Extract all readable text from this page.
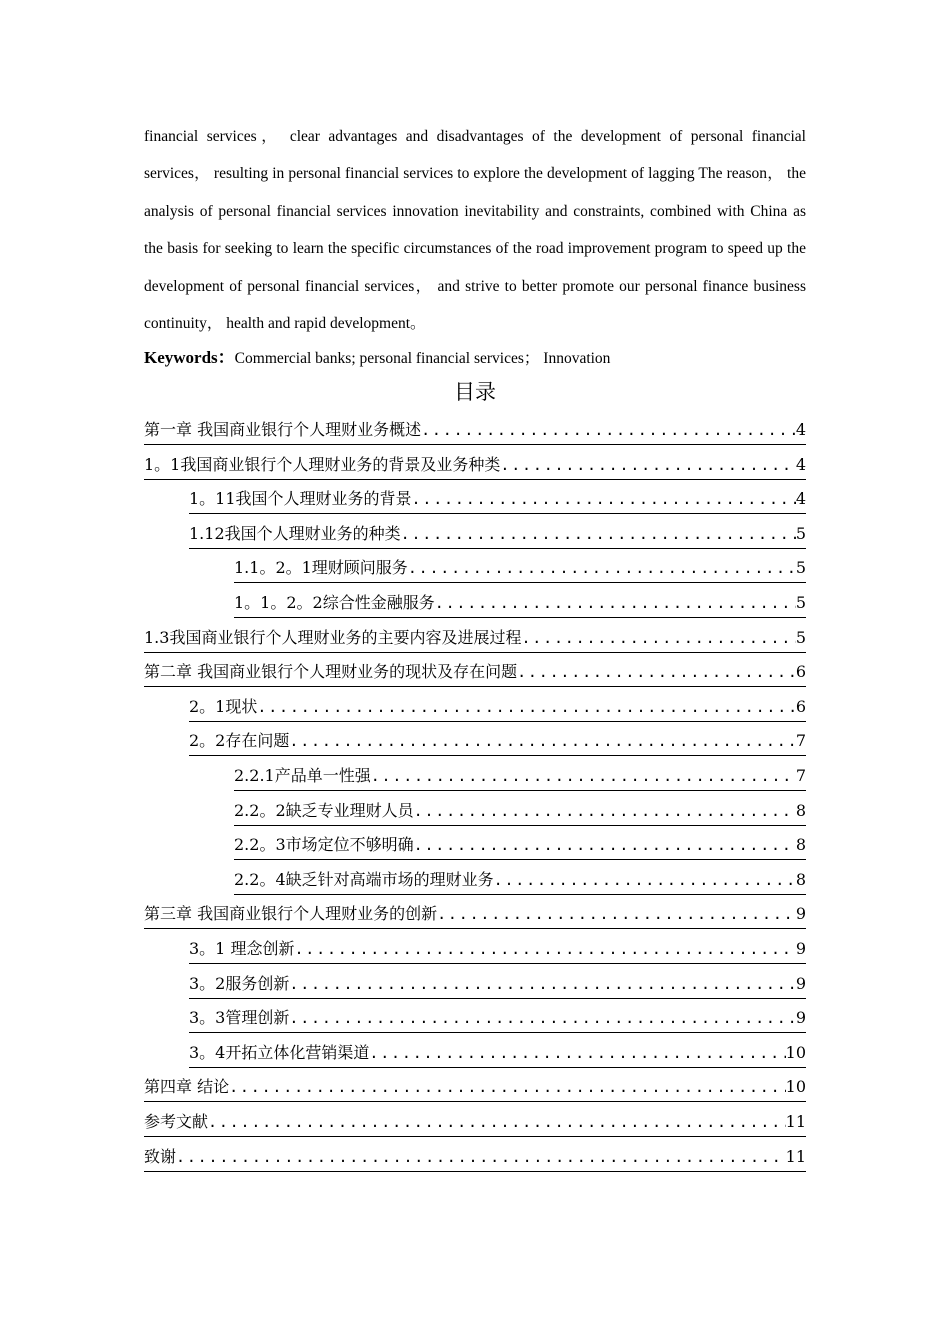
financial services， clear advantages and disadvantages of the development of personal financial services， resulting in personal financial services to explore the development of lagging The reason， the analysis of personal financial services innovation inevitability and constraints, combined with China as the basis for seeking to learn the specific circumstances of the road improvement program to speed up the development of personal financial services， and strive to better promote our personal finance business continuity， health and rapid development。
Keywords：Commercial banks; personal financial services； Innovation
目录
第一章 我国商业银行个人理财业务概述 .....	4
1。1我国商业银行个人理财业务的背景及业务种类 .....	4
1。11我国个人理财业务的背景 .....	4
1.12我国个人理财业务的种类 .....	5
1.1。2。1理财顾问服务 .....	5
1。1。2。2综合性金融服务 .....	5
1.3我国商业银行个人理财业务的主要内容及进展过程 .....	5
第二章 我国商业银行个人理财业务的现状及存在问题 .....	6
2。1现状 .....	6
2。2存在问题 .....	7
2.2.1产品单一性强 .....	7
2.2。2缺乏专业理财人员 .....	8
2.2。3市场定位不够明确 .....	8
2.2。4缺乏针对高端市场的理财业务 .....	8
第三章 我国商业银行个人理财业务的创新 .....	9
3。1 理念创新 .....	9
3。2服务创新 .....	9
3。3管理创新 .....	9
3。4开拓立体化营销渠道 .....	10
第四章 结论 .....	10
参考文献 .....	11
致谢 .....	11
